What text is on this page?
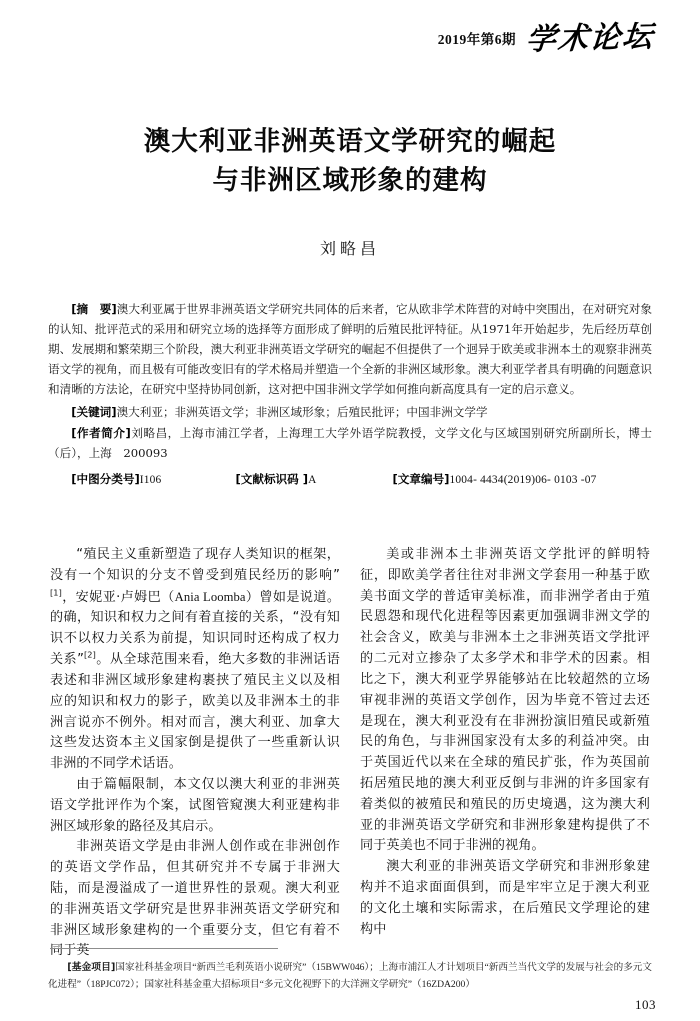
2019年第6期 学术论坛
澳大利亚非洲英语文学研究的崛起
与非洲区域形象的建构
刘略昌

[摘　要]澳大利亚属于世界非洲英语文学研究共同体的后来者，它从欧非学术阵营的对峙中突围出，在对研究对象的认知、批评范式的采用和研究立场的选择等方面形成了鲜明的后殖民批评特征。从1971年开始起步，先后经历草创期、发展期和繁荣期三个阶段，澳大利亚非洲英语文学研究的崛起不但提供了一个迥异于欧美或非洲本土的观察非洲英语文学的视角，而且极有可能改变旧有的学术格局并塑造一个全新的非洲区域形象。澳大利亚学者具有明确的问题意识和清晰的方法论，在研究中坚持协同创新，这对把中国非洲文学学如何推向新高度具有一定的启示意义。

[关键词]澳大利亚；非洲英语文学；非洲区域形象；后殖民批评；中国非洲文学学

[作者简介]刘略昌，上海市浦江学者，上海理工大学外语学院教授，文学文化与区域国别研究所副所长，博士（后），上海　200093

[中图分类号]I106	[文献标识码 ]A	[文章编号]1004- 4434(2019)06- 0103 -07

“殖民主义重新塑造了现存人类知识的框架，没有一个知识的分支不曾受到殖民经历的影响”[1]，安妮亚·卢姆巴（Ania Loomba）曾如是说道。的确，知识和权力之间有着直接的关系，“没有知识不以权力关系为前提，知识同时还构成了权力关系”[2]。从全球范围来看，绝大多数的非洲话语表述和非洲区域形象建构裹挟了殖民主义以及相应的知识和权力的影子，欧美以及非洲本土的非洲言说亦不例外。相对而言，澳大利亚、加拿大这些发达资本主义国家倒是提供了一些重新认识非洲的不同学术话语。

由于篇幅限制，本文仅以澳大利亚的非洲英语文学批评作为个案，试图管窥澳大利亚建构非洲区域形象的路径及其启示。

非洲英语文学是由非洲人创作或在非洲创作的英语文学作品，但其研究并不专属于非洲大陆，而是漫溢成了一道世界性的景观。澳大利亚的非洲英语文学研究是世界非洲英语文学研究和非洲区域形象建构的一个重要分支，但它有着不同于英

美或非洲本土非洲英语文学批评的鲜明特征，即欧美学者往往对非洲文学套用一种基于欧美书面文学的普适审美标准，而非洲学者由于殖民恩怨和现代化进程等因素更加强调非洲文学的社会含义，欧美与非洲本土之非洲英语文学批评的二元对立掺杂了太多学术和非学术的因素。相比之下，澳大利亚学界能够站在比较超然的立场审视非洲的英语文学创作，因为毕竟不管过去还是现在，澳大利亚没有在非洲扮演旧殖民或新殖民的角色，与非洲国家没有太多的利益冲突。由于英国近代以来在全球的殖民扩张，作为英国前拓居殖民地的澳大利亚反倒与非洲的许多国家有着类似的被殖民和殖民的历史境遇，这为澳大利亚的非洲英语文学研究和非洲形象建构提供了不同于英美也不同于非洲的视角。

澳大利亚的非洲英语文学研究和非洲形象建构并不追求面面俱到，而是牢牢立足于澳大利亚的文化土壤和实际需求，在后殖民文学理论的建构中

[基金项目]国家社科基金项目“新西兰毛利英语小说研究”（15BWW046）；上海市浦江人才计划项目“新西兰当代文学的发展与社会的多元文化进程”（18PJC072）；国家社科基金重大招标项目“多元文化视野下的大洋洲文学研究”（16ZDA200）
103
